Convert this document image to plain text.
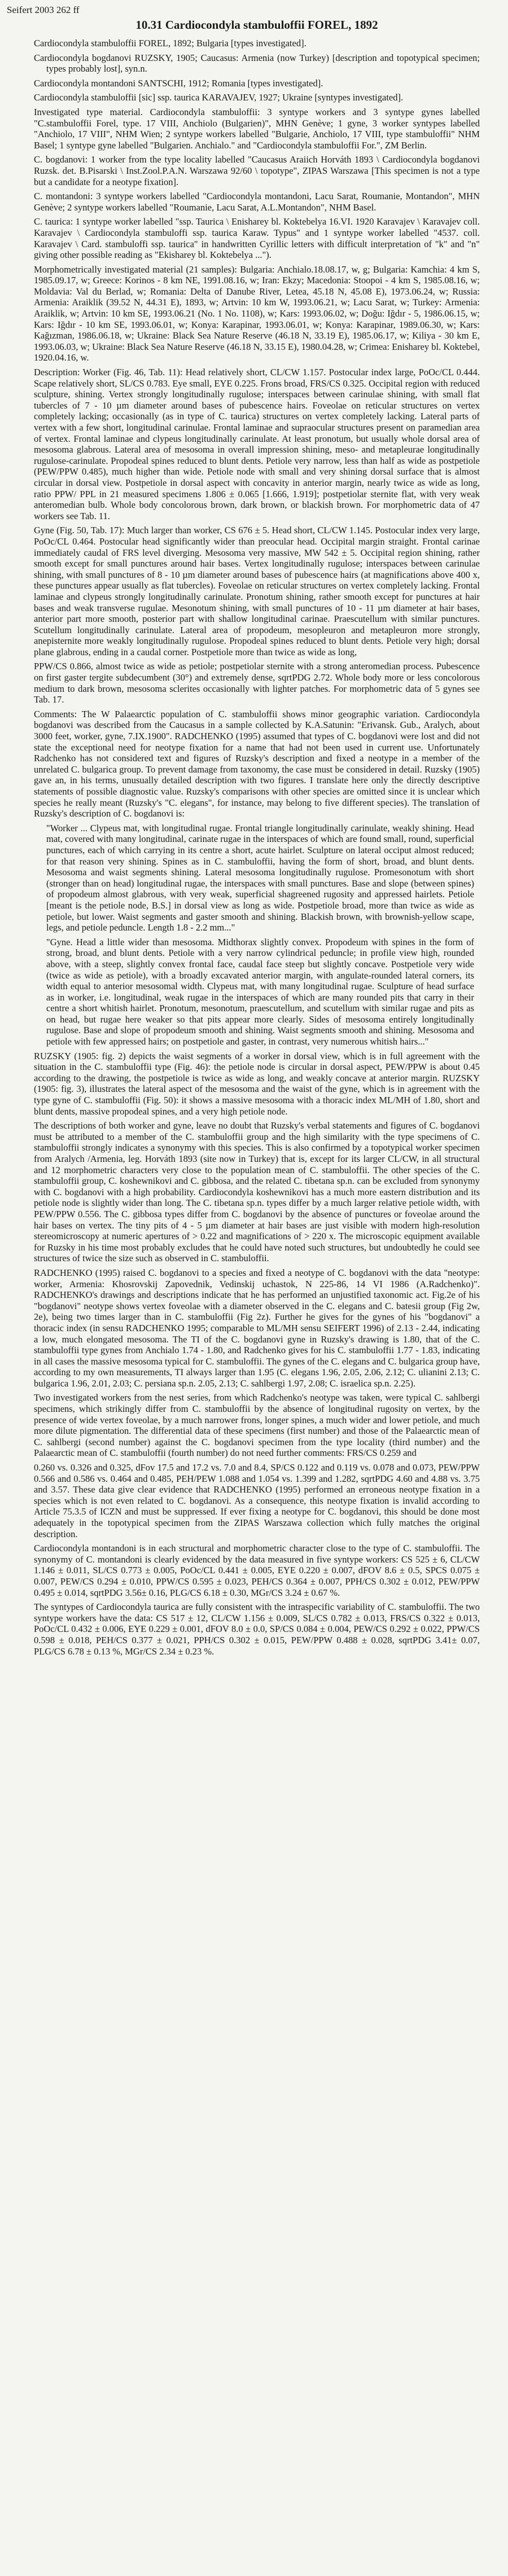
Seifert 2003 262 ff
10.31 Cardiocondyla stambuloffii FOREL, 1892

Cardiocondyla stambuloffii FOREL, 1892; Bulgaria [types investigated].

Cardiocondyla bogdanovi RUZSKY, 1905; Caucasus: Armenia (now Turkey) [description and topotypical specimen; types probably lost], syn.n.

Cardiocondyla montandoni SANTSCHI, 1912; Romania [types investigated].

Cardiocondyla stambuloffii [sic] ssp. taurica KARAVAJEV, 1927; Ukraine [syntypes investigated].

Investigated type material. Cardiocondyla stambuloffii: 3 syntype workers and 3 syntype gynes labelled "C.stambuloffii Forel, type. 17 VIII, Anchiolo (Bulgarien)", MHN Genève; 1 gyne, 3 worker syntypes labelled "Anchiolo, 17 VIII", NHM Wien; 2 syntype workers labelled "Bulgarie, Anchiolo, 17 VIII, type stambuloffii" NHM Basel; 1 syntype gyne labelled "Bulgarien. Anchialo." and "Cardiocondyla stambuloffii For.", ZM Berlin.

C. bogdanovi: 1 worker from the type locality labelled "Caucasus Araiich Horváth 1893 \ Cardiocondyla bogdanovi Ruzsk. det. B.Pisarski \ Inst.Zool.P.A.N. Warszawa 92/60 \ topotype", ZIPAS Warszawa [This specimen is not a type but a candidate for a neotype fixation].

C. montandoni: 3 syntype workers labelled "Cardiocondyla montandoni, Lacu Sarat, Roumanie, Montandon", MHN Genève; 2 syntype workers labelled "Roumanie, Lacu Sarat, A.L.Montandon", NHM Basel.

C. taurica: 1 syntype worker labelled "ssp. Taurica \ Enisharey bl. Koktebelya 16.VI. 1920 Karavajev \ Karavajev coll. Karavajev \ Cardiocondyla stambuloffi ssp. taurica Karaw. Typus" and 1 syntype worker labelled "4537. coll. Karavajev \ Card. stambuloffi ssp. taurica" in handwritten Cyrillic letters with difficult interpretation of "k" and "n" giving other possible reading as "Ekisharey bl. Koktebelya ...").

Morphometrically investigated material (21 samples): Bulgaria: Anchialo.18.08.17, w, g; Bulgaria: Kamchia: 4 km S, 1985.09.17, w; Greece: Korinos - 8 km NE, 1991.08.16, w; Iran: Ekzy; Macedonia: Stoopoi - 4 km S, 1985.08.16, w; Moldavia: Val du Berlad, w; Romania: Delta of Danube River, Letea, 45.18 N, 45.08 E), 1973.06.24, w; Russia: Armenia: Araiklik (39.52 N, 44.31 E), 1893, w; Artvin: 10 km W, 1993.06.21, w; Lacu Sarat, w; Turkey: Armenia: Araiklik, w; Artvin: 10 km SE, 1993.06.21 (No. 1 No. 1108), w; Kars: 1993.06.02, w; Doğu: Iğdır - 5, 1986.06.15, w; Kars: Iğdır - 10 km SE, 1993.06.01, w; Konya: Karapinar, 1993.06.01, w; Konya: Karapinar, 1989.06.30, w; Kars: Kağızman, 1986.06.18, w; Ukraine: Black Sea Nature Reserve (46.18 N, 33.19 E), 1985.06.17, w; Kiliya - 30 km E, 1993.06.03, w; Ukraine: Black Sea Nature Reserve (46.18 N, 33.15 E), 1980.04.28, w; Crimea: Enisharey bl. Koktebel, 1920.04.16, w.

Description: Worker (Fig. 46, Tab. 11): Head relatively short, CL/CW 1.157. Postocular index large, PoOc/CL 0.444. Scape relatively short, SL/CS 0.783. Eye small, EYE 0.225. Frons broad, FRS/CS 0.325. Occipital region with reduced sculpture, shining. Vertex strongly longitudinally rugulose; interspaces between carinulae shining, with small flat tubercles of 7 - 10 µm diameter around bases of pubescence hairs. Foveolae on reticular structures on vertex completely lacking; occasionally (as in type of C. taurica) structures on vertex completely lacking. Lateral parts of vertex with a few short, longitudinal carinulae. Frontal laminae and supraocular structures present on paramedian area of vertex. Frontal laminae and clypeus longitudinally carinulate. At least pronotum, but usually whole dorsal area of mesosoma glabrous. Lateral area of mesosoma in overall impression shining, meso- and metapleurae longitudinally rugulose-carinulate. Propodeal spines reduced to blunt dents. Petiole very narrow, less than half as wide as postpetiole (PEW/PPW 0.485), much higher than wide. Petiole node with small and very shining dorsal surface that is almost circular in dorsal view. Postpetiole in dorsal aspect with concavity in anterior margin, nearly twice as wide as long, ratio PPW/ PPL in 21 measured specimens 1.806 ± 0.065 [1.666, 1.919]; postpetiolar sternite flat, with very weak anteromedian bulb. Whole body concolorous brown, dark brown, or blackish brown. For morphometric data of 47 workers see Tab. 11.

Gyne (Fig. 50, Tab. 17): Much larger than worker, CS 676 ± 5. Head short, CL/CW 1.145. Postocular index very large, PoOc/CL 0.464. Postocular head significantly wider than preocular head. Occipital margin straight. Frontal carinae immediately caudal of FRS level diverging. Mesosoma very massive, MW 542 ± 5. Occipital region shining, rather smooth except for small punctures around hair bases. Vertex longitudinally rugulose; interspaces between carinulae shining, with small punctures of 8 - 10 µm diameter around bases of pubescence hairs (at magnifications above 400 x, these punctures appear usually as flat tubercles). Foveolae on reticular structures on vertex completely lacking. Frontal laminae and clypeus strongly longitudinally carinulate. Pronotum shining, rather smooth except for punctures at hair bases and weak transverse rugulae. Mesonotum shining, with small punctures of 10 - 11 µm diameter at hair bases, anterior part more smooth, posterior part with shallow longitudinal carinae. Praescutellum with similar punctures. Scutellum longitudinally carinulate. Lateral area of propodeum, mesopleuron and metapleuron more strongly, anepisternite more weakly longitudinally rugulose. Propodeal spines reduced to blunt dents. Petiole very high; dorsal plane glabrous, ending in a caudal corner. Postpetiole more than twice as wide as long,

PPW/CS 0.866, almost twice as wide as petiole; postpetiolar sternite with a strong anteromedian process. Pubescence on first gaster tergite subdecumbent (30°) and extremely dense, sqrtPDG 2.72. Whole body more or less concolorous medium to dark brown, mesosoma sclerites occasionally with lighter patches. For morphometric data of 5 gynes see Tab. 17.

Comments: The W Palaearctic population of C. stambuloffii shows minor geographic variation. Cardiocondyla bogdanovi was described from the Caucasus in a sample collected by K.A.Satunin: "Erivansk. Gub., Aralych, about 3000 feet, worker, gyne, 7.IX.1900". RADCHENKO (1995) assumed that types of C. bogdanovi were lost and did not state the exceptional need for neotype fixation for a name that had not been used in current use. Unfortunately Radchenko has not considered text and figures of Ruzsky's description and fixed a neotype in a member of the unrelated C. bulgarica group. To prevent damage from taxonomy, the case must be considered in detail. Ruzsky (1905) gave an, in his terms, unusually detailed description with two figures. I translate here only the directly descriptive statements of possible diagnostic value. Ruzsky's comparisons with other species are omitted since it is unclear which species he really meant (Ruzsky's "C. elegans", for instance, may belong to five different species). The translation of Ruzsky's description of C. bogdanovi is:

"Worker ... Clypeus mat, with longitudinal rugae. Frontal triangle longitudinally carinulate, weakly shining. Head mat, covered with many longitudinal, carinate rugae in the interspaces of which are found small, round, superficial punctures, each of which carrying in its centre a short, acute hairlet. Sculpture on lateral occiput almost reduced; for that reason very shining. Spines as in C. stambuloffii, having the form of short, broad, and blunt dents. Mesosoma and waist segments shining. Lateral mesosoma longitudinally rugulose. Promesonotum with short (stronger than on head) longitudinal rugae, the interspaces with small punctures. Base and slope (between spines) of propodeum almost glabrous, with very weak, superficial shagreened rugosity and appressed hairlets. Petiole [meant is the petiole node, B.S.] in dorsal view as long as wide. Postpetiole broad, more than twice as wide as petiole, but lower. Waist segments and gaster smooth and shining. Blackish brown, with brownish-yellow scape, legs, and petiole peduncle. Length 1.8 - 2.2 mm..."

"Gyne. Head a little wider than mesosoma. Midthorax slightly convex. Propodeum with spines in the form of strong, broad, and blunt dents. Petiole with a very narrow cylindrical peduncle; in profile view high, rounded above, with a steep, slightly convex frontal face, caudal face steep but slightly concave. Postpetiole very wide (twice as wide as petiole), with a broadly excavated anterior margin, with angulate-rounded lateral corners, its width equal to anterior mesosomal width. Clypeus mat, with many longitudinal rugae. Sculpture of head surface as in worker, i.e. longitudinal, weak rugae in the interspaces of which are many rounded pits that carry in their centre a short whitish hairlet. Pronotum, mesonotum, praescutellum, and scutellum with similar rugae and pits as on head, but rugae here weaker so that pits appear more clearly. Sides of mesosoma entirely longitudinally rugulose. Base and slope of propodeum smooth and shining. Waist segments smooth and shining. Mesosoma and petiole with few appressed hairs; on postpetiole and gaster, in contrast, very numerous whitish hairs..."

RUZSKY (1905: fig. 2) depicts the waist segments of a worker in dorsal view, which is in full agreement with the situation in the C. stambuloffii type (Fig. 46): the petiole node is circular in dorsal aspect, PEW/PPW is about 0.45 according to the drawing, the postpetiole is twice as wide as long, and weakly concave at anterior margin. RUZSKY (1905: fig. 3), illustrates the lateral aspect of the mesosoma and the waist of the gyne, which is in agreement with the type gyne of C. stambuloffii (Fig. 50): it shows a massive mesosoma with a thoracic index ML/MH of 1.80, short and blunt dents, massive propodeal spines, and a very high petiole node.

The descriptions of both worker and gyne, leave no doubt that Ruzsky's verbal statements and figures of C. bogdanovi must be attributed to a member of the C. stambuloffii group and the high similarity with the type specimens of C. stambuloffii strongly indicates a synonymy with this species. This is also confirmed by a topotypical worker specimen from Aralych /Armenia, leg. Horváth 1893 (site now in Turkey) that is, except for its larger CL/CW, in all structural and 12 morphometric characters very close to the population mean of C. stambuloffii. The other species of the C. stambuloffii group, C. koshewnikovi and C. gibbosa, and the related C. tibetana sp.n. can be excluded from synonymy with C. bogdanovi with a high probability. Cardiocondyla koshewnikovi has a much more eastern distribution and its petiole node is slightly wider than long. The C. tibetana sp.n. types differ by a much larger relative petiole width, with PEW/PPW 0.556. The C. gibbosa types differ from C. bogdanovi by the absence of punctures or foveolae around the hair bases on vertex. The tiny pits of 4 - 5 µm diameter at hair bases are just visible with modern high-resolution stereomicroscopy at numeric apertures of > 0.22 and magnifications of > 220 x. The microscopic equipment available for Ruzsky in his time most probably excludes that he could have noted such structures, but undoubtedly he could see structures of twice the size such as observed in C. stambuloffii.

RADCHENKO (1995) raised C. bogdanovi to a species and fixed a neotype of C. bogdanovi with the data "neotype: worker, Armenia: Khosrovskij Zapovednik, Vedinskij uchastok, N 225-86, 14 VI 1986 (A.Radchenko)". RADCHENKO's drawings and descriptions indicate that he has performed an unjustified taxonomic act. Fig.2e of his "bogdanovi" neotype shows vertex foveolae with a diameter observed in the C. elegans and C. batesii group (Fig 2w, 2e), being two times larger than in C. stambuloffii (Fig 2z). Further he gives for the gynes of his "bogdanovi" a thoracic index (in sensu RADCHENKO 1995; comparable to ML/MH sensu SEIFERT 1996) of 2.13 - 2.44, indicating a low, much elongated mesosoma. The TI of the C. bogdanovi gyne in Ruzsky's drawing is 1.80, that of the C. stambuloffii type gynes from Anchialo 1.74 - 1.80, and Radchenko gives for his C. stambuloffii 1.77 - 1.83, indicating in all cases the massive mesosoma typical for C. stambuloffii. The gynes of the C. elegans and C. bulgarica group have, according to my own measurements, TI always larger than 1.95 (C. elegans 1.96, 2.05, 2.06, 2.12; C. ulianini 2.13; C. bulgarica 1.96, 2.01, 2.03; C. persiana sp.n. 2.05, 2.13; C. sahlbergi 1.97, 2.08; C. israelica sp.n. 2.25).

Two investigated workers from the nest series, from which Radchenko's neotype was taken, were typical C. sahlbergi specimens, which strikingly differ from C. stambuloffii by the absence of longitudinal rugosity on vertex, by the presence of wide vertex foveolae, by a much narrower frons, longer spines, a much wider and lower petiole, and much more dilute pigmentation. The differential data of these specimens (first number) and those of the Palaearctic mean of C. sahlbergi (second number) against the C. bogdanovi specimen from the type locality (third number) and the Palaearctic mean of C. stambuloffii (fourth number) do not need further comments: FRS/CS 0.259 and

0.260 vs. 0.326 and 0.325, dFov 17.5 and 17.2 vs. 7.0 and 8.4, SP/CS 0.122 and 0.119 vs. 0.078 and 0.073, PEW/PPW 0.566 and 0.586 vs. 0.464 and 0.485, PEH/PEW 1.088 and 1.054 vs. 1.399 and 1.282, sqrtPDG 4.60 and 4.88 vs. 3.75 and 3.57. These data give clear evidence that RADCHENKO (1995) performed an erroneous neotype fixation in a species which is not even related to C. bogdanovi. As a consequence, this neotype fixation is invalid according to Article 75.3.5 of ICZN and must be suppressed. If ever fixing a neotype for C. bogdanovi, this should be done most adequately in the topotypical specimen from the ZIPAS Warszawa collection which fully matches the original description.

Cardiocondyla montandoni is in each structural and morphometric character close to the type of C. stambuloffii. The synonymy of C. montandoni is clearly evidenced by the data measured in five syntype workers: CS 525 ± 6, CL/CW 1.146 ± 0.011, SL/CS 0.773 ± 0.005, PoOc/CL 0.441 ± 0.005, EYE 0.220 ± 0.007, dFOV 8.6 ± 0.5, SPCS 0.075 ± 0.007, PEW/CS 0.294 ± 0.010, PPW/CS 0.595 ± 0.023, PEH/CS 0.364 ± 0.007, PPH/CS 0.302 ± 0.012, PEW/PPW 0.495 ± 0.014, sqrtPDG 3.56± 0.16, PLG/CS 6.18 ± 0.30, MGr/CS 3.24 ± 0.67 %.

The syntypes of Cardiocondyla taurica are fully consistent with the intraspecific variability of C. stambuloffii. The two syntype workers have the data: CS 517 ± 12, CL/CW 1.156 ± 0.009, SL/CS 0.782 ± 0.013, FRS/CS 0.322 ± 0.013, PoOc/CL 0.432 ± 0.006, EYE 0.229 ± 0.001, dFOV 8.0 ± 0.0, SP/CS 0.084 ± 0.004, PEW/CS 0.292 ± 0.022, PPW/CS 0.598 ± 0.018, PEH/CS 0.377 ± 0.021, PPH/CS 0.302 ± 0.015, PEW/PPW 0.488 ± 0.028, sqrtPDG 3.41± 0.07, PLG/CS 6.78 ± 0.13 %, MGr/CS 2.34 ± 0.23 %.
